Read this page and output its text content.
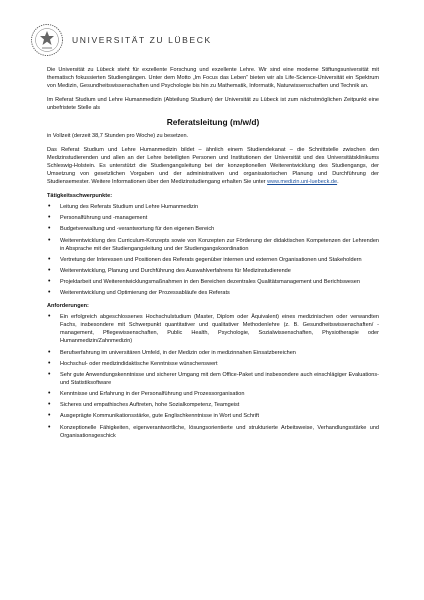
UNIVERSITÄT ZU LÜBECK

Die Universität zu Lübeck steht für exzellente Forschung und exzellente Lehre. Wir sind eine moderne Stiftungsuniversität mit thematisch fokussierten Studiengängen. Unter dem Motto „Im Focus das Leben“ bieten wir als Life-Science-Universität ein Spektrum von Medizin, Gesundheitswissenschaften und Psychologie bis hin zu Mathematik, Informatik, Naturwissenschaften und Technik an.

Im Referat Studium und Lehre Humanmedizin (Abteilung Studium) der Universität zu Lübeck ist zum nächstmöglichen Zeitpunkt eine unbefristete Stelle als

Referatsleitung (m/w/d)

in Vollzeit (derzeit 38,7 Stunden pro Woche) zu besetzen.

Das Referat Studium und Lehre Humanmedizin bildet – ähnlich einem Studiendekanat – die Schnittstelle zwischen den Medizinstudierenden und allen an der Lehre beteiligten Personen und Institutionen der Universität und des Universitätsklinikums Schleswig-Holstein. Es unterstützt die Studiengangsleitung bei der konzeptionellen Weiterentwicklung des Studiengangs, der Umsetzung von gesetzlichen Vorgaben und der administrativen und organisatorischen Planung und Durchführung der Studiensemester. Weitere Informationen über den Medizinstudiengang erhalten Sie unter www.medizin.uni-luebeck.de.

Tätigkeitsschwerpunkte:
• Leitung des Referats Studium und Lehre Humanmedizin
• Personalführung und -management
• Budgetverwaltung und -verantwortung für den eigenen Bereich
• Weiterentwicklung des Curriculum-Konzepts sowie von Konzepten zur Förderung der didaktischen Kompetenzen der Lehrenden in Absprache mit der Studiengangsleitung und der Studiengangskoordination
• Vertretung der Interessen und Positionen des Referats gegenüber internen und externen Organisationen und Stakeholdern
• Weiterentwicklung, Planung und Durchführung des Auswahlverfahrens für Medizinstudierende
• Projektarbeit und Weiterentwicklungsmaßnahmen in den Bereichen dezentrales Qualitätsmanagement und Berichtswesen
• Weiterentwicklung und Optimierung der Prozessabläufe des Referats
Anforderungen:
• Ein erfolgreich abgeschlossenes Hochschulstudium (Master, Diplom oder Äquivalent) eines medizinischen oder verwandten Fachs, insbesondere mit Schwerpunkt quantitativer und qualitativer Methodenlehre (z. B. Gesundheitswissenschaften/ -management, Pflegewissenschaften, Public Health, Psychologie, Sozialwissenschaften, Physiotherapie oder Humanmedizin/Zahnmedizin)
• Berufserfahrung im universitären Umfeld, in der Medizin oder in medizinnahen Einsatzbereichen
• Hochschul- oder medizindidaktische Kenntnisse wünschenswert
• Sehr gute Anwendungskenntnisse und sicherer Umgang mit dem Office-Paket und insbesondere auch einschlägiger Evaluations- und Statistiksoftware
• Kenntnisse und Erfahrung in der Personalführung und Prozessorganisation
• Sicheres und empathisches Auftreten, hohe Sozialkompetenz, Teamgeist
• Ausgeprägte Kommunikationsstärke, gute Englischkenntnisse in Wort und Schrift
• Konzeptionelle Fähigkeiten, eigenverantwortliche, lösungsorientierte und strukturierte Arbeitsweise, Verhandlungsstärke und Organisationsgeschick
